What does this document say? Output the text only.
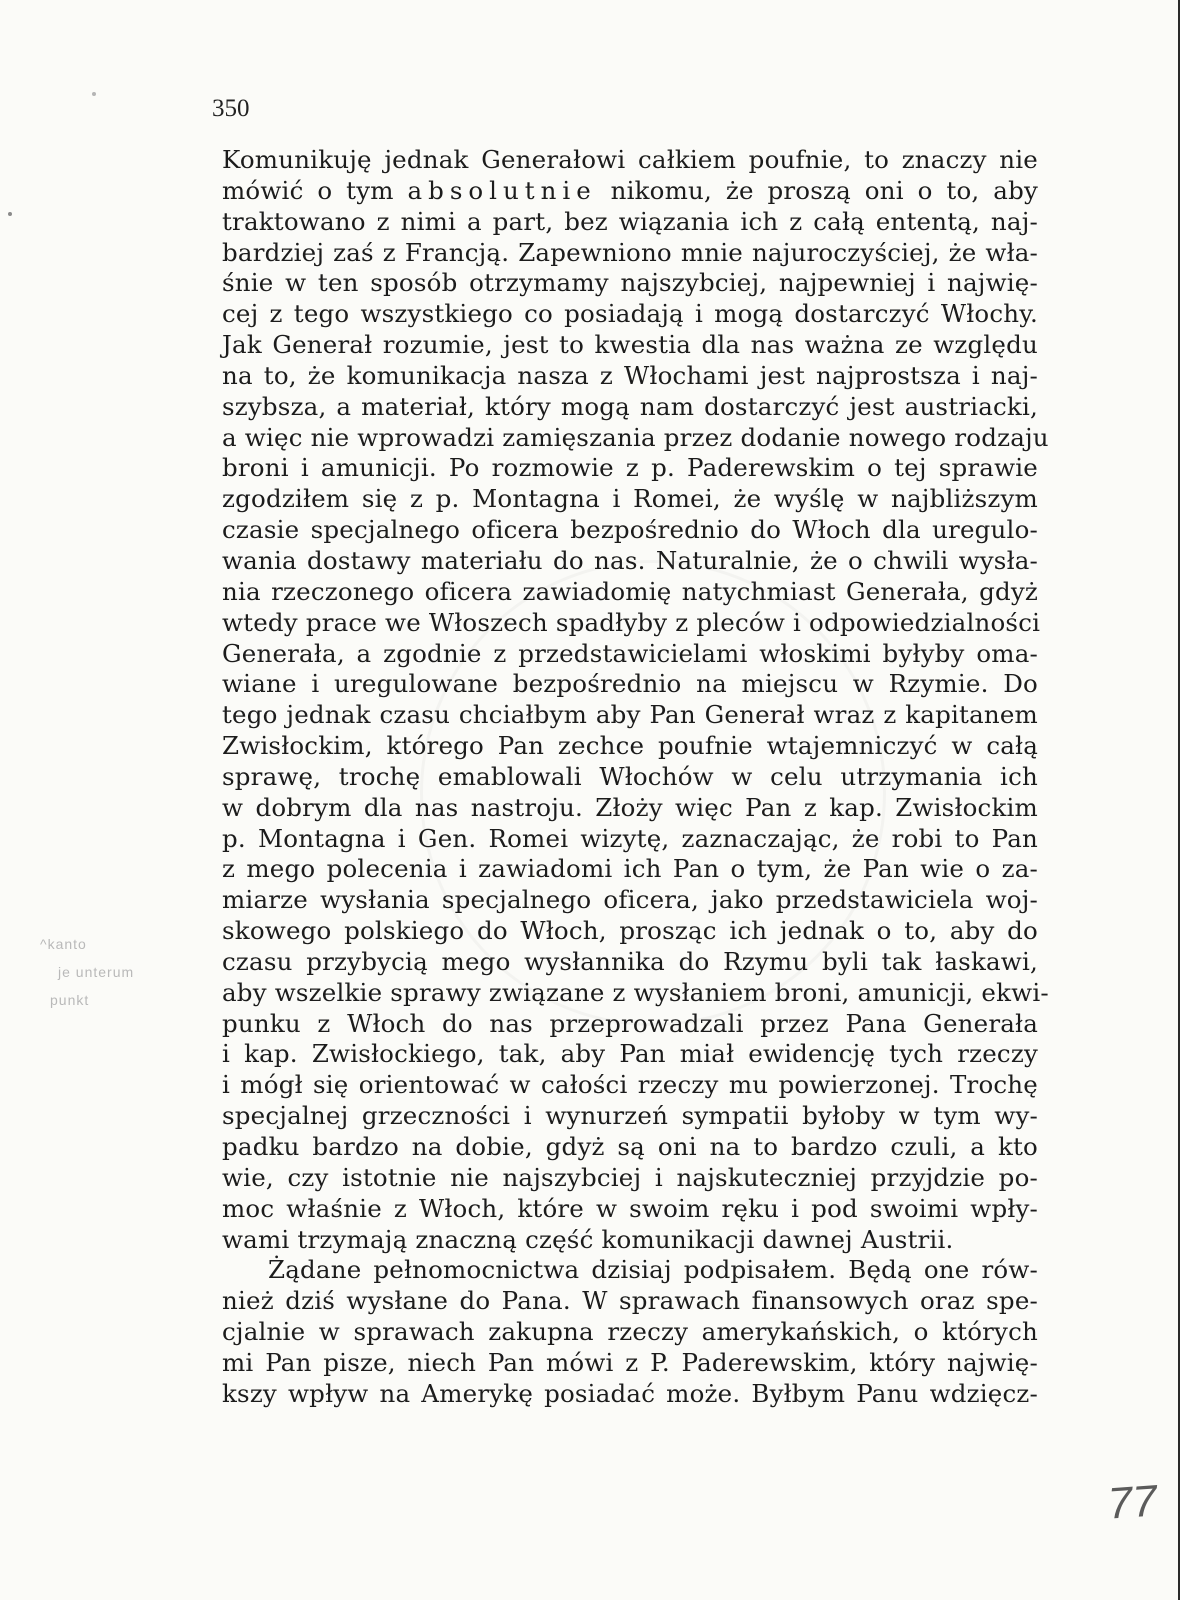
350
^kanto
je unterum
punkt
Komunikuję jednak Generałowi całkiem poufnie, to znaczy nie
mówić o tym absolutnie nikomu, że proszą oni o to, aby
traktowano z nimi a part, bez wiązania ich z całą ententą, naj-
bardziej zaś z Francją. Zapewniono mnie najuroczyściej, że wła-
śnie w ten sposób otrzymamy najszybciej, najpewniej i najwię-
cej z tego wszystkiego co posiadają i mogą dostarczyć Włochy.
Jak Generał rozumie, jest to kwestia dla nas ważna ze względu
na to, że komunikacja nasza z Włochami jest najprostsza i naj-
szybsza, a materiał, który mogą nam dostarczyć jest austriacki,
a więc nie wprowadzi zamięszania przez dodanie nowego rodzaju
broni i amunicji. Po rozmowie z p. Paderewskim o tej sprawie
zgodziłem się z p. Montagna i Romei, że wyślę w najbliższym
czasie specjalnego oficera bezpośrednio do Włoch dla uregulo-
wania dostawy materiału do nas. Naturalnie, że o chwili wysła-
nia rzeczonego oficera zawiadomię natychmiast Generała, gdyż
wtedy prace we Włoszech spadłyby z pleców i odpowiedzialności
Generała, a zgodnie z przedstawicielami włoskimi byłyby oma-
wiane i uregulowane bezpośrednio na miejscu w Rzymie. Do
tego jednak czasu chciałbym aby Pan Generał wraz z kapitanem
Zwisłockim, którego Pan zechce poufnie wtajemniczyć w całą
sprawę, trochę emablowali Włochów w celu utrzymania ich
w dobrym dla nas nastroju. Złoży więc Pan z kap. Zwisłockim
p. Montagna i Gen. Romei wizytę, zaznaczając, że robi to Pan
z mego polecenia i zawiadomi ich Pan o tym, że Pan wie o za-
miarze wysłania specjalnego oficera, jako przedstawiciela woj-
skowego polskiego do Włoch, prosząc ich jednak o to, aby do
czasu przybycią mego wysłannika do Rzymu byli tak łaskawi,
aby wszelkie sprawy związane z wysłaniem broni, amunicji, ekwi-
punku z Włoch do nas przeprowadzali przez Pana Generała
i kap. Zwisłockiego, tak, aby Pan miał ewidencję tych rzeczy
i mógł się orientować w całości rzeczy mu powierzonej. Trochę
specjalnej grzeczności i wynurzeń sympatii byłoby w tym wy-
padku bardzo na dobie, gdyż są oni na to bardzo czuli, a kto
wie, czy istotnie nie najszybciej i najskuteczniej przyjdzie po-
moc właśnie z Włoch, które w swoim ręku i pod swoimi wpły-
wami trzymają znaczną część komunikacji dawnej Austrii.
Żądane pełnomocnictwa dzisiaj podpisałem. Będą one rów-
nież dziś wysłane do Pana. W sprawach finansowych oraz spe-
cjalnie w sprawach zakupna rzeczy amerykańskich, o których
mi Pan pisze, niech Pan mówi z P. Paderewskim, który najwię-
kszy wpływ na Amerykę posiadać może. Byłbym Panu wdzięcz-
77
